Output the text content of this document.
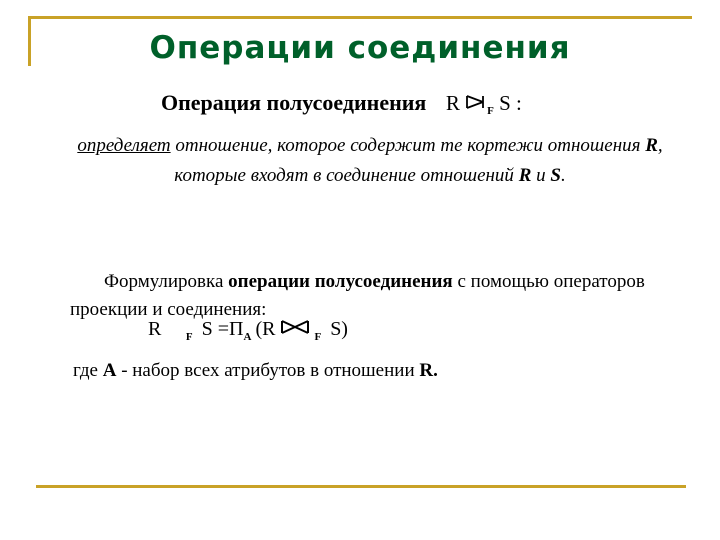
Операции соединения
Операция полусоединения R $_F$ S :
определяет отношение, которое содержит те кортежи отношения R, которые входят в соединение отношений R и S.
Формулировка операции полусоединения с помощью операторов проекции и соединения:
R $_F$ $S =\Pi_A$ (R	$_F$ S)
где A - набор всех атрибутов в отношении R.
